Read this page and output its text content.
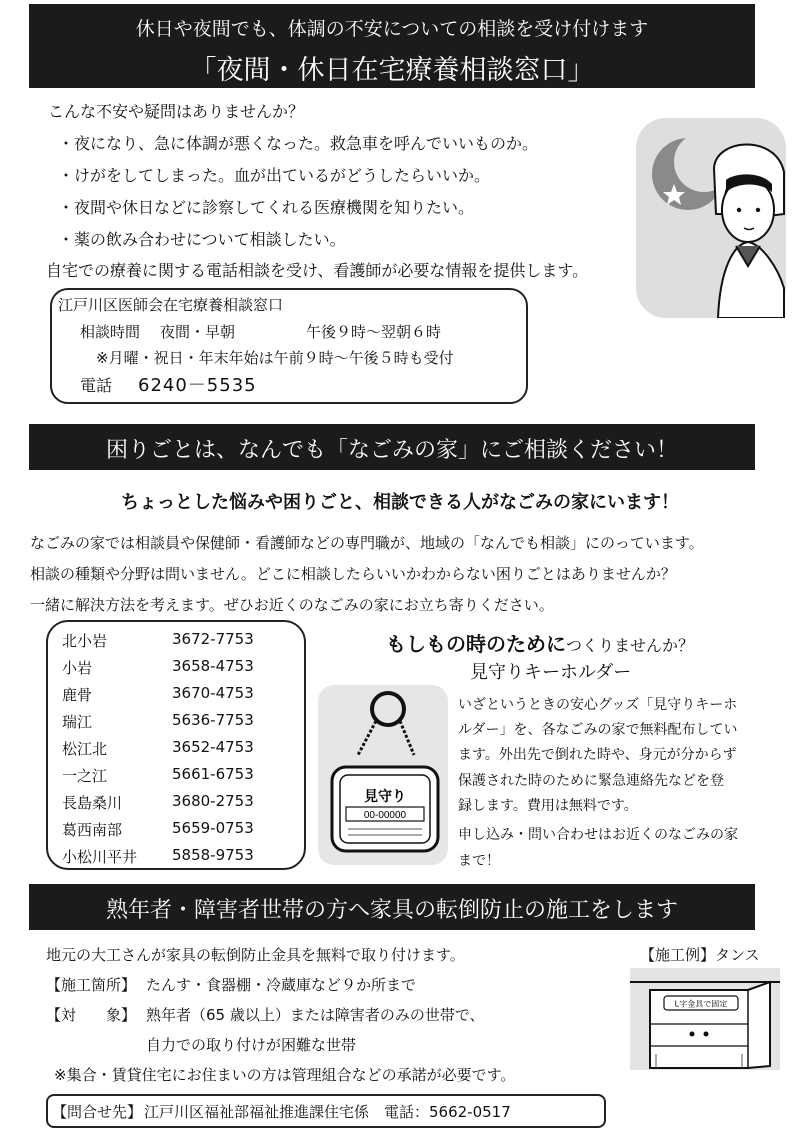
休日や夜間でも、体調の不安についての相談を受け付けます
「夜間・休日在宅療養相談窓口」
こんな不安や疑問はありませんか？
・夜になり、急に体調が悪くなった。救急車を呼んでいいものか。
・けがをしてしまった。血が出ているがどうしたらいいか。
・夜間や休日などに診察してくれる医療機関を知りたい。
・薬の飲み合わせについて相談したい。
自宅での療養に関する電話相談を受け、看護師が必要な情報を提供します。
江戸川区医師会在宅療養相談窓口
相談時間 夜間・早朝	午後９時～翌朝６時
※月曜・祝日・年末年始は午前９時～午後５時も受付
電話 6240－5535
困りごとは、なんでも「なごみの家」にご相談ください！
ちょっとした悩みや困りごと、相談できる人がなごみの家にいます！
なごみの家では相談員や保健師・看護師などの専門職が、地域の「なんでも相談」にのっています。
相談の種類や分野は問いません。どこに相談したらいいかわからない困りごとはありませんか？
一緒に解決方法を考えます。ぜひお近くのなごみの家にお立ち寄りください。
北小岩	3672-7753
小岩	3658-4753
鹿骨	3670-4753
瑞江	5636-7753
松江北	3652-4753
一之江	5661-6753
長島桑川	3680-2753
葛西南部	5659-0753
小松川平井 5858-9753
もしもの時のためにつくりませんか？
見守りキーホルダー
見守り
00-00000
いざというときの安心グッズ「見守りキーホ
ルダー」を、各なごみの家で無料配布してい
ます。外出先で倒れた時や、身元が分からず
保護された時のために緊急連絡先などを登
録します。費用は無料です。
申し込み・問い合わせはお近くのなごみの家
まで！
熟年者・障害者世帯の方へ家具の転倒防止の施工をします
地元の大工さんが家具の転倒防止金具を無料で取り付けます。
【施工箇所】 たんす・食器棚・冷蔵庫など９か所まで
【対　　象】 熟年者（65 歳以上）または障害者のみの世帯で、
自力での取り付けが困難な世帯
※集合・賃貸住宅にお住まいの方は管理組合などの承諾が必要です。
【施工例】タンス
L字金具で固定
【問合せ先】 江戸川区福祉部福祉推進課住宅係　電話：5662-0517
